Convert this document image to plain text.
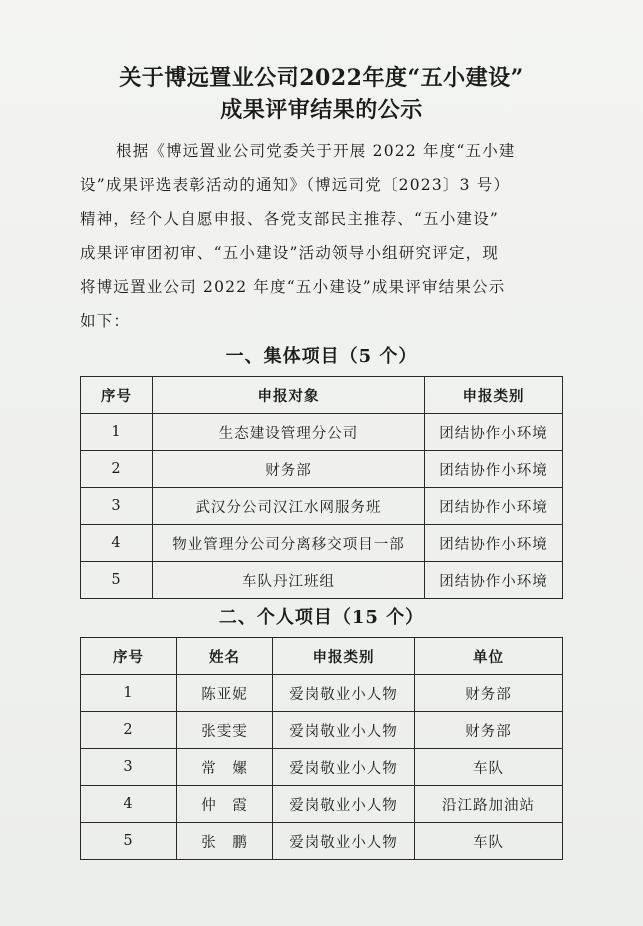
关于博远置业公司2022年度“五小建设”
成果评审结果的公示
根据《博远置业公司党委关于开展 2022 年度“五小建
设”成果评选表彰活动的通知》（博远司党〔2023〕3 号）
精神，经个人自愿申报、各党支部民主推荐、“五小建设”
成果评审团初审、“五小建设”活动领导小组研究评定，现
将博远置业公司 2022 年度“五小建设”成果评审结果公示
如下：
一、集体项目（5 个）
序号	申报对象	申报类别
1	生态建设管理分公司	团结协作小环境
2	财务部	团结协作小环境
3	武汉分公司汉江水网服务班	团结协作小环境
4	物业管理分公司分离移交项目一部	团结协作小环境
5	车队丹江班组	团结协作小环境
二、个人项目（15 个）
序号	姓名	申报类别	单位
1	陈亚妮	爱岗敬业小人物	财务部
2	张雯雯	爱岗敬业小人物	财务部
3	常　嫘	爱岗敬业小人物	车队
4	仲　霞	爱岗敬业小人物	沿江路加油站
5	张　鹏	爱岗敬业小人物	车队
